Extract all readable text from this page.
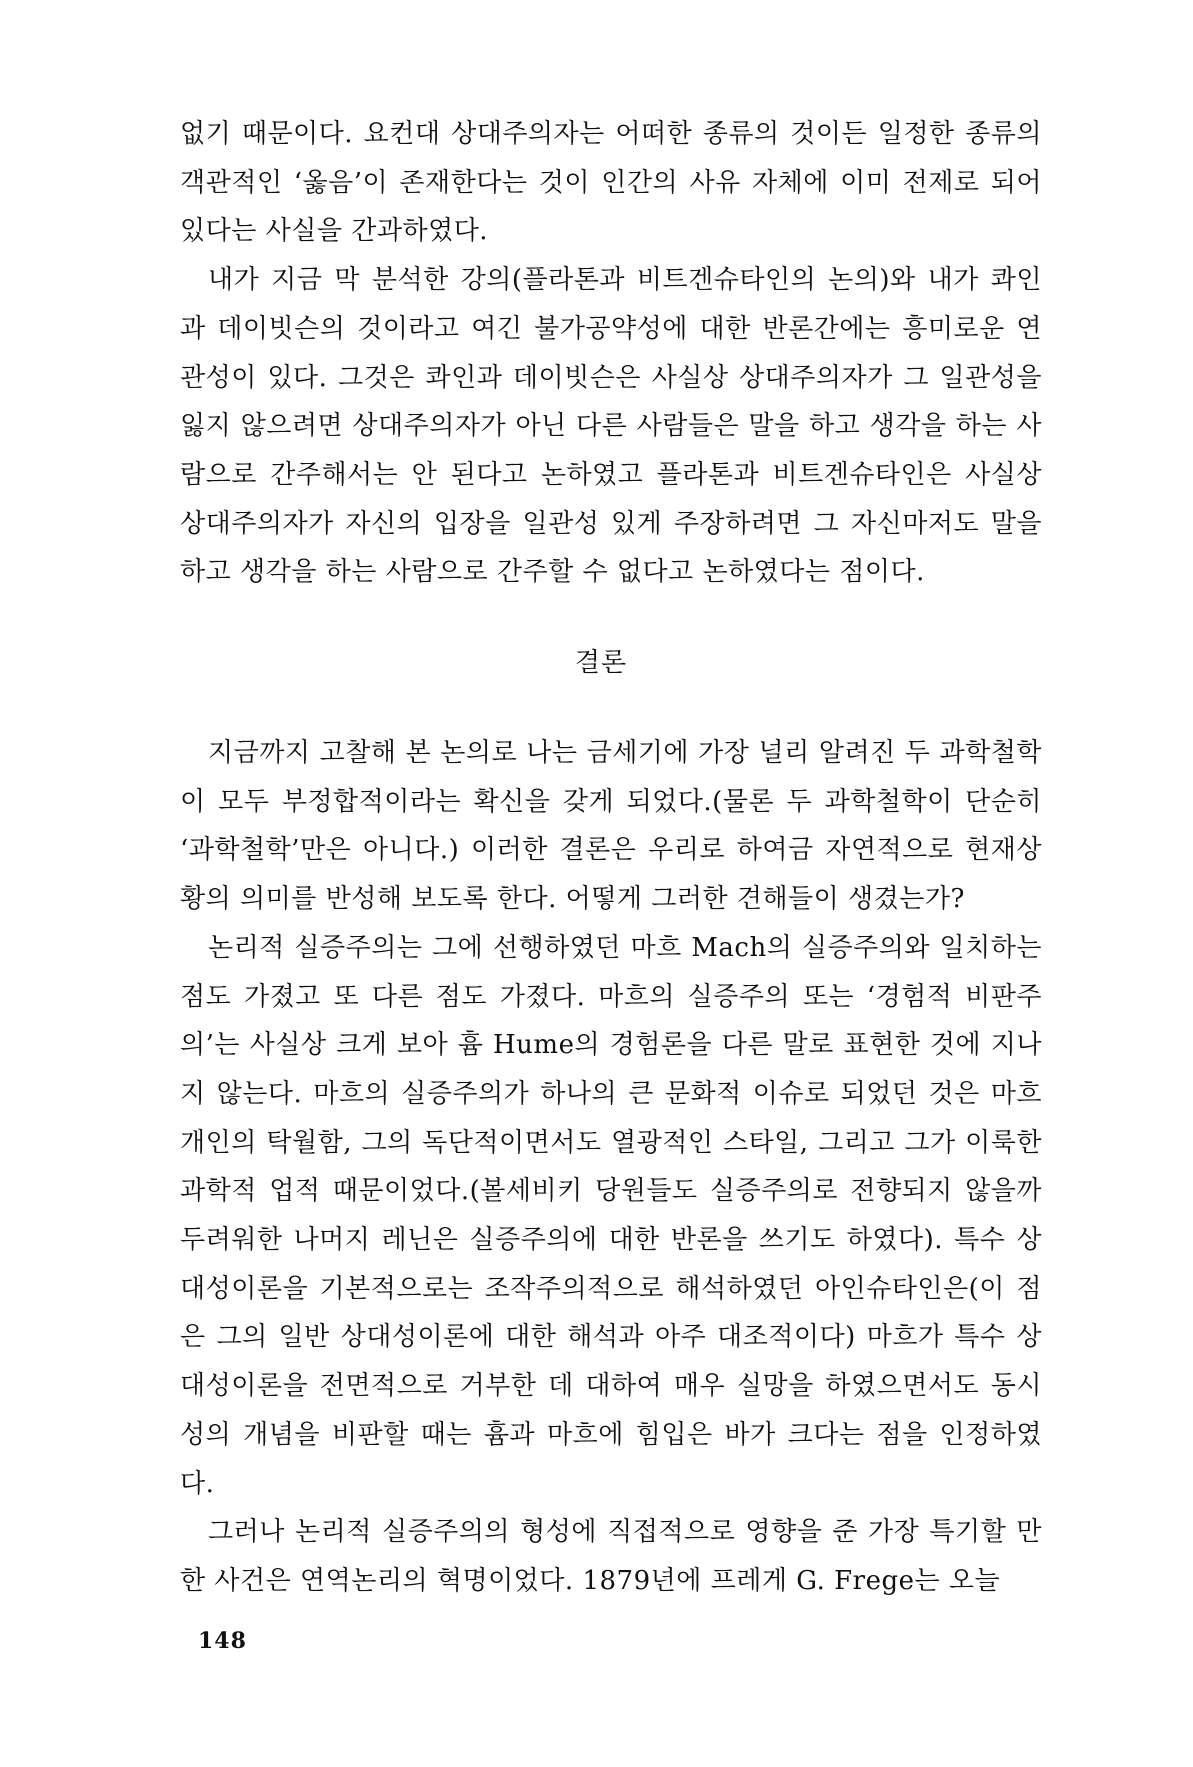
없기 때문이다. 요컨대 상대주의자는 어떠한 종류의 것이든 일정한 종류의 객관적인 ‘옳음’이 존재한다는 것이 인간의 사유 자체에 이미 전제로 되어 있다는 사실을 간과하였다.

내가 지금 막 분석한 강의(플라톤과 비트겐슈타인의 논의)와 내가 콰인과 데이빗슨의 것이라고 여긴 불가공약성에 대한 반론간에는 흥미로운 연관성이 있다. 그것은 콰인과 데이빗슨은 사실상 상대주의자가 그 일관성을 잃지 않으려면 상대주의자가 아닌 다른 사람들은 말을 하고 생각을 하는 사람으로 간주해서는 안 된다고 논하였고 플라톤과 비트겐슈타인은 사실상 상대주의자가 자신의 입장을 일관성 있게 주장하려면 그 자신마저도 말을 하고 생각을 하는 사람으로 간주할 수 없다고 논하였다는 점이다.

결론

지금까지 고찰해 본 논의로 나는 금세기에 가장 널리 알려진 두 과학철학이 모두 부정합적이라는 확신을 갖게 되었다.(물론 두 과학철학이 단순히 ‘과학철학’만은 아니다.) 이러한 결론은 우리로 하여금 자연적으로 현재상황의 의미를 반성해 보도록 한다. 어떻게 그러한 견해들이 생겼는가?

논리적 실증주의는 그에 선행하였던 마흐 Mach의 실증주의와 일치하는 점도 가졌고 또 다른 점도 가졌다. 마흐의 실증주의 또는 ‘경험적 비판주의’는 사실상 크게 보아 흄 Hume의 경험론을 다른 말로 표현한 것에 지나지 않는다. 마흐의 실증주의가 하나의 큰 문화적 이슈로 되었던 것은 마흐 개인의 탁월함, 그의 독단적이면서도 열광적인 스타일, 그리고 그가 이룩한 과학적 업적 때문이었다.(볼세비키 당원들도 실증주의로 전향되지 않을까 두려워한 나머지 레닌은 실증주의에 대한 반론을 쓰기도 하였다). 특수 상대성이론을 기본적으로는 조작주의적으로 해석하였던 아인슈타인은(이 점은 그의 일반 상대성이론에 대한 해석과 아주 대조적이다) 마흐가 특수 상대성이론을 전면적으로 거부한 데 대하여 매우 실망을 하였으면서도 동시성의 개념을 비판할 때는 흄과 마흐에 힘입은 바가 크다는 점을 인정하였다.

그러나 논리적 실증주의의 형성에 직접적으로 영향을 준 가장 특기할 만한 사건은 연역논리의 혁명이었다. 1879년에 프레게 G. Frege는 오늘

148
